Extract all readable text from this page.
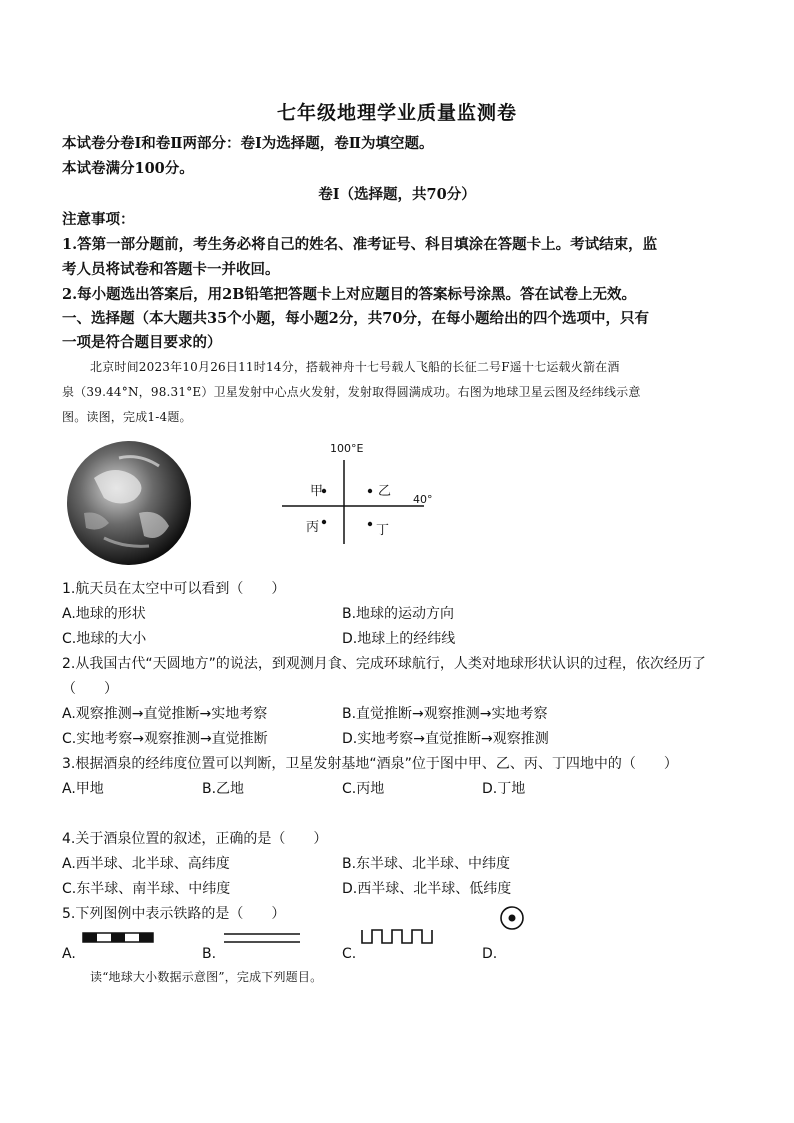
七年级地理学业质量监测卷
本试卷分卷Ⅰ和卷Ⅱ两部分：卷Ⅰ为选择题，卷Ⅱ为填空题。
本试卷满分100分。
卷Ⅰ（选择题，共70分）
注意事项：
1.答第一部分题前，考生务必将自己的姓名、准考证号、科目填涂在答题卡上。考试结束，监
考人员将试卷和答题卡一并收回。
2.每小题选出答案后，用2B铅笔把答题卡上对应题目的答案标号涂黑。答在试卷上无效。
一、选择题（本大题共35个小题，每小题2分，共70分，在每小题给出的四个选项中，只有
一项是符合题目要求的）
北京时间2023年10月26日11时14分，搭载神舟十七号载人飞船的长征二号F遥十七运载火箭在酒
泉（39.44°N，98.31°E）卫星发射中心点火发射，发射取得圆满成功。右图为地球卫星云图及经纬线示意
图。读图，完成1-4题。
100°E
40°
甲	乙
丙	丁
1.航天员在太空中可以看到（　　）
A.地球的形状	B.地球的运动方向
C.地球的大小	D.地球上的经纬线
2.从我国古代“天圆地方”的说法，到观测月食、完成环球航行，人类对地球形状认识的过程，依次经历了
（　　）
A.观察推测→直觉推断→实地考察	B.直觉推断→观察推测→实地考察
C.实地考察→观察推测→直觉推断	D.实地考察→直觉推断→观察推测
3.根据酒泉的经纬度位置可以判断，卫星发射基地“酒泉”位于图中甲、乙、丙、丁四地中的（　　）
A.甲地	B.乙地	C.丙地	D.丁地
4.关于酒泉位置的叙述，正确的是（　　）
A.西半球、北半球、高纬度	B.东半球、北半球、中纬度
C.东半球、南半球、中纬度	D.西半球、北半球、低纬度
5.下列图例中表示铁路的是（　　）
A.	B.	C.	D.
读“地球大小数据示意图”，完成下列题目。
